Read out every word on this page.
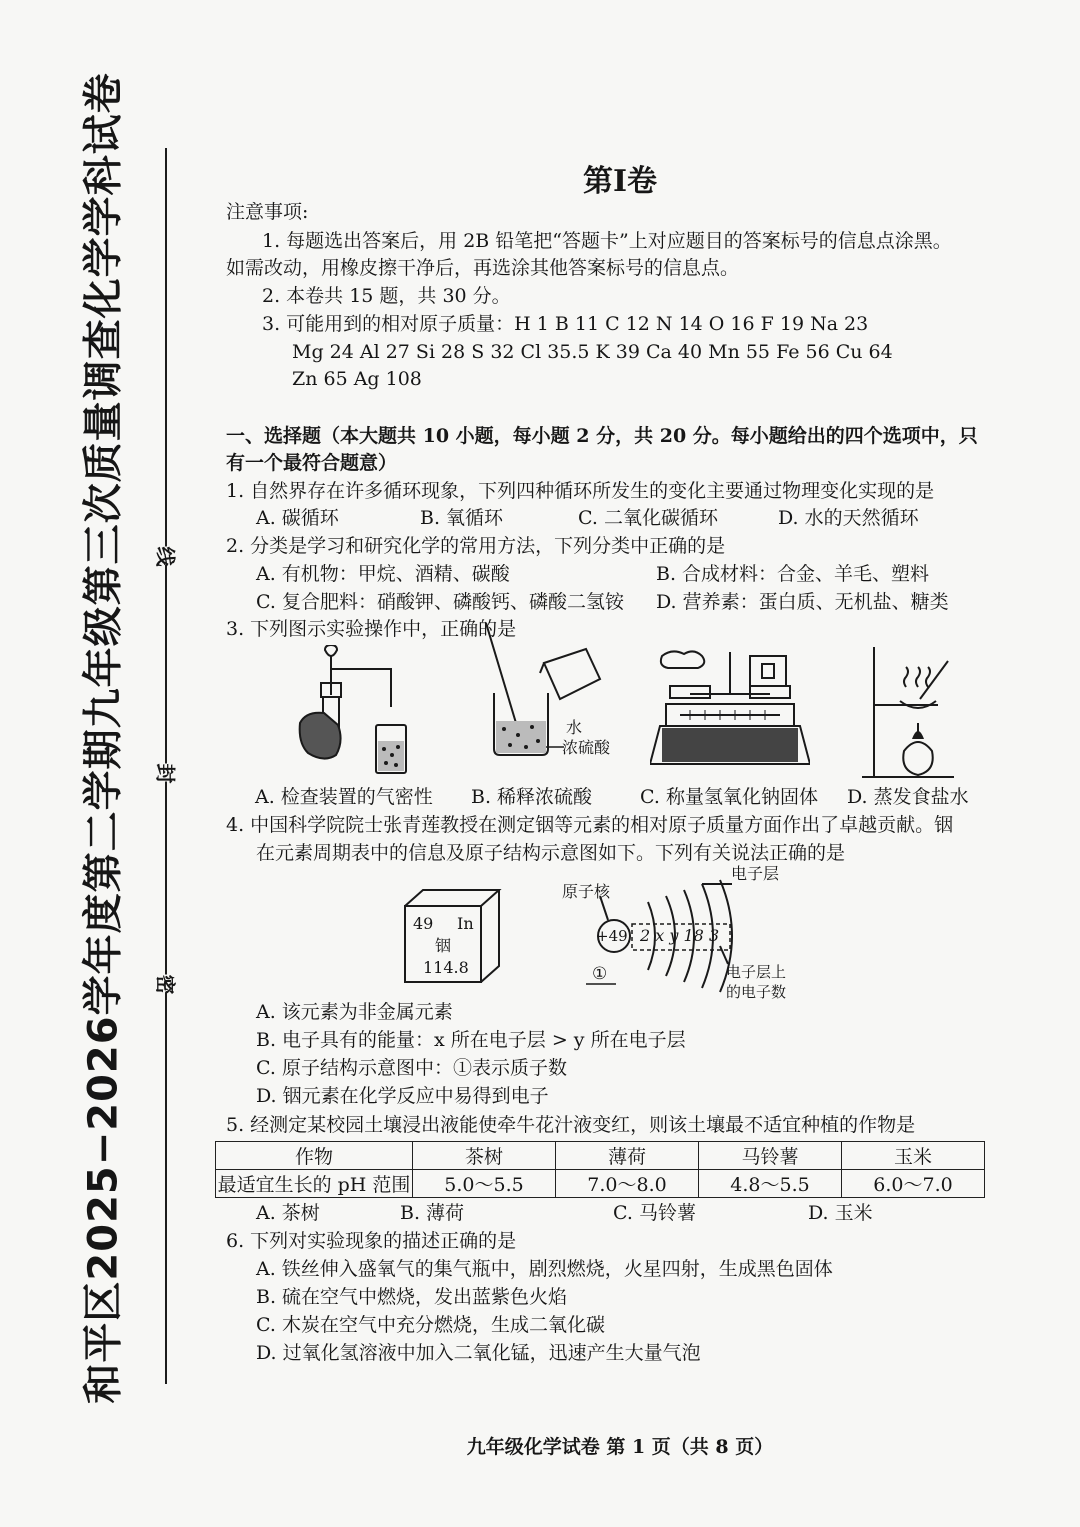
和平区2025−2026学年度第二学期九年级第三次质量调查化学学科试卷 线
封
密
第Ⅰ卷
注意事项:
1. 每题选出答案后，用 2B 铅笔把“答题卡”上对应题目的答案标号的信息点涂黑。
如需改动，用橡皮擦干净后，再选涂其他答案标号的信息点。
2. 本卷共 15 题，共 30 分。
3. 可能用到的相对原子质量：H 1 B 11 C 12 N 14 O 16 F 19 Na 23
Mg 24 Al 27 Si 28 S 32 Cl 35.5 K 39 Ca 40 Mn 55 Fe 56 Cu 64
Zn 65 Ag 108
一、选择题（本大题共 10 小题，每小题 2 分，共 20 分。每小题给出的四个选项中，只
有一个最符合题意）
1. 自然界存在许多循环现象，下列四种循环所发生的变化主要通过物理变化实现的是
A. 碳循环	B. 氧循环	C. 二氧化碳循环	D. 水的天然循环
2. 分类是学习和研究化学的常用方法，下列分类中正确的是
A. 有机物：甲烷、酒精、碳酸	B. 合成材料：合金、羊毛、塑料
C. 复合肥料：硝酸钾、磷酸钙、磷酸二氢铵 D. 营养素：蛋白质、无机盐、糖类
3. 下列图示实验操作中，正确的是
水
浓硫酸
A. 检查装置的气密性 B. 稀释浓硫酸	C. 称量氢氧化钠固体 D. 蒸发食盐水
4. 中国科学院院士张青莲教授在测定铟等元素的相对原子质量方面作出了卓越贡献。铟
在元素周期表中的信息及原子结构示意图如下。下列有关说法正确的是
49 In
铟
114.8
原子核
电子层
+49 2 x y 18 3
①	电子层上
的电子数
A. 该元素为非金属元素
B. 电子具有的能量：x 所在电子层 > y 所在电子层
C. 原子结构示意图中：①表示质子数
D. 铟元素在化学反应中易得到电子
5. 经测定某校园土壤浸出液能使牵牛花汁液变红，则该土壤最不适宜种植的作物是
作物	茶树	薄荷	马铃薯	玉米
最适宜生长的 pH 范围	5.0～5.5	7.0～8.0	4.8～5.5	6.0～7.0
A. 茶树	B. 薄荷	C. 马铃薯	D. 玉米
6. 下列对实验现象的描述正确的是
A. 铁丝伸入盛氧气的集气瓶中，剧烈燃烧，火星四射，生成黑色固体
B. 硫在空气中燃烧，发出蓝紫色火焰
C. 木炭在空气中充分燃烧，生成二氧化碳
D. 过氧化氢溶液中加入二氧化锰，迅速产生大量气泡
九年级化学试卷 第 1 页（共 8 页）
